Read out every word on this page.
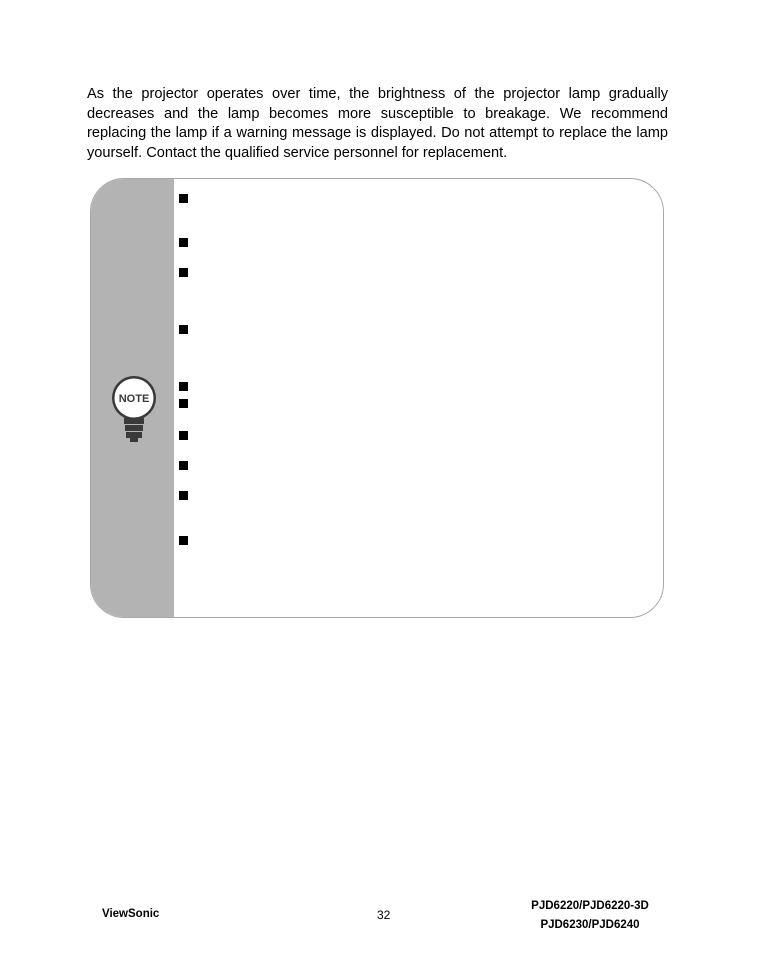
As the projector operates over time, the brightness of the projector lamp gradually decreases and the lamp becomes more susceptible to breakage. We recommend replacing the lamp if a warning message is displayed. Do not attempt to replace the lamp yourself. Contact the qualified service personnel for replacement.

NOTE
ViewSonic	32
PJD6220/PJD6220-3D
PJD6230/PJD6240
